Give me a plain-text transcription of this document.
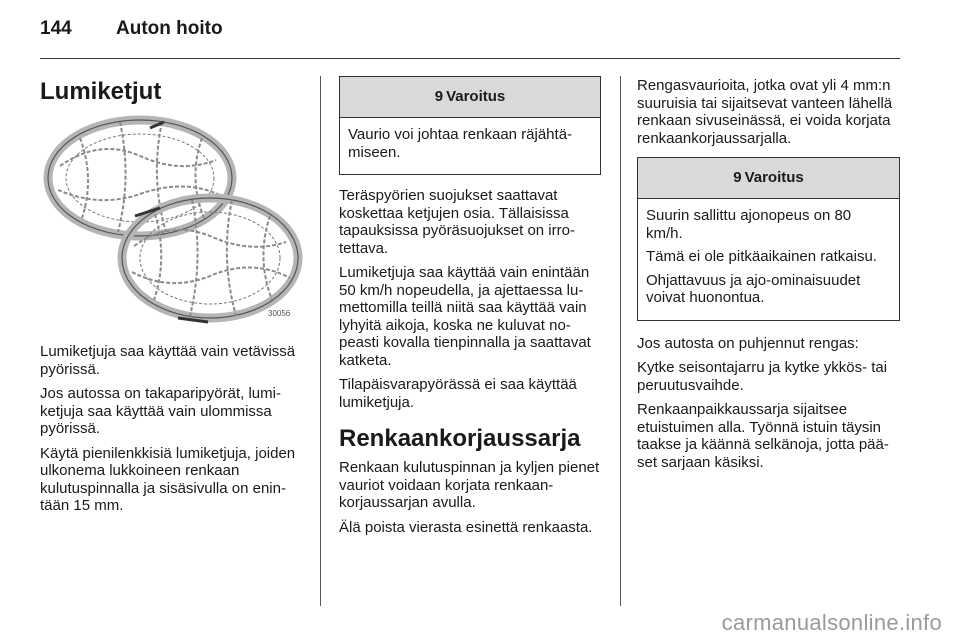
144 Auton hoito
Lumiketjut
30056

Lumiketjuja saa käyttää vain vetävissä pyörissä.

Jos autossa on takaparipyörät, lumiketjuja saa käyttää vain ulommissa pyörissä.

Käytä pienilenkkisiä lumiketjuja, joiden ulkonema lukkoineen renkaan kulutuspinnalla ja sisäsivulla on enintään 15 mm.

9 Varoitus

Vaurio voi johtaa renkaan räjähtämiseen.

Teräspyörien suojukset saattavat koskettaa ketjujen osia. Tällaisissa tapauksissa pyöräsuojukset on irrotettava.

Lumiketjuja saa käyttää vain enintään 50 km/h nopeudella, ja ajettaessa lumettomilla teillä niitä saa käyttää vain lyhyitä aikoja, koska ne kuluvat nopeasti kovalla tienpinnalla ja saattavat katketa.

Tilapäisvarapyörässä ei saa käyttää lumiketjuja.

Renkaankorjaussarja

Renkaan kulutuspinnan ja kyljen pienet vauriot voidaan korjata renkaankorjaussarjan avulla.

Älä poista vierasta esinettä renkaasta.

Rengasvaurioita, jotka ovat yli 4 mm:n suuruisia tai sijaitsevat vanteen lähellä renkaan sivuseinässä, ei voida korjata renkaankorjaussarjalla.

9 Varoitus

Suurin sallittu ajonopeus on 80 km/h.

Tämä ei ole pitkäaikainen ratkaisu.

Ohjattavuus ja ajo-ominaisuudet voivat huonontua.

Jos autosta on puhjennut rengas:

Kytke seisontajarru ja kytke ykkös- tai peruutusvaihde.

Renkaanpaikkaussarja sijaitsee etuistuimen alla. Työnnä istuin täysin taakse ja käännä selkänoja, jotta pääset sarjaan käsiksi.

carmanualsonline.info
